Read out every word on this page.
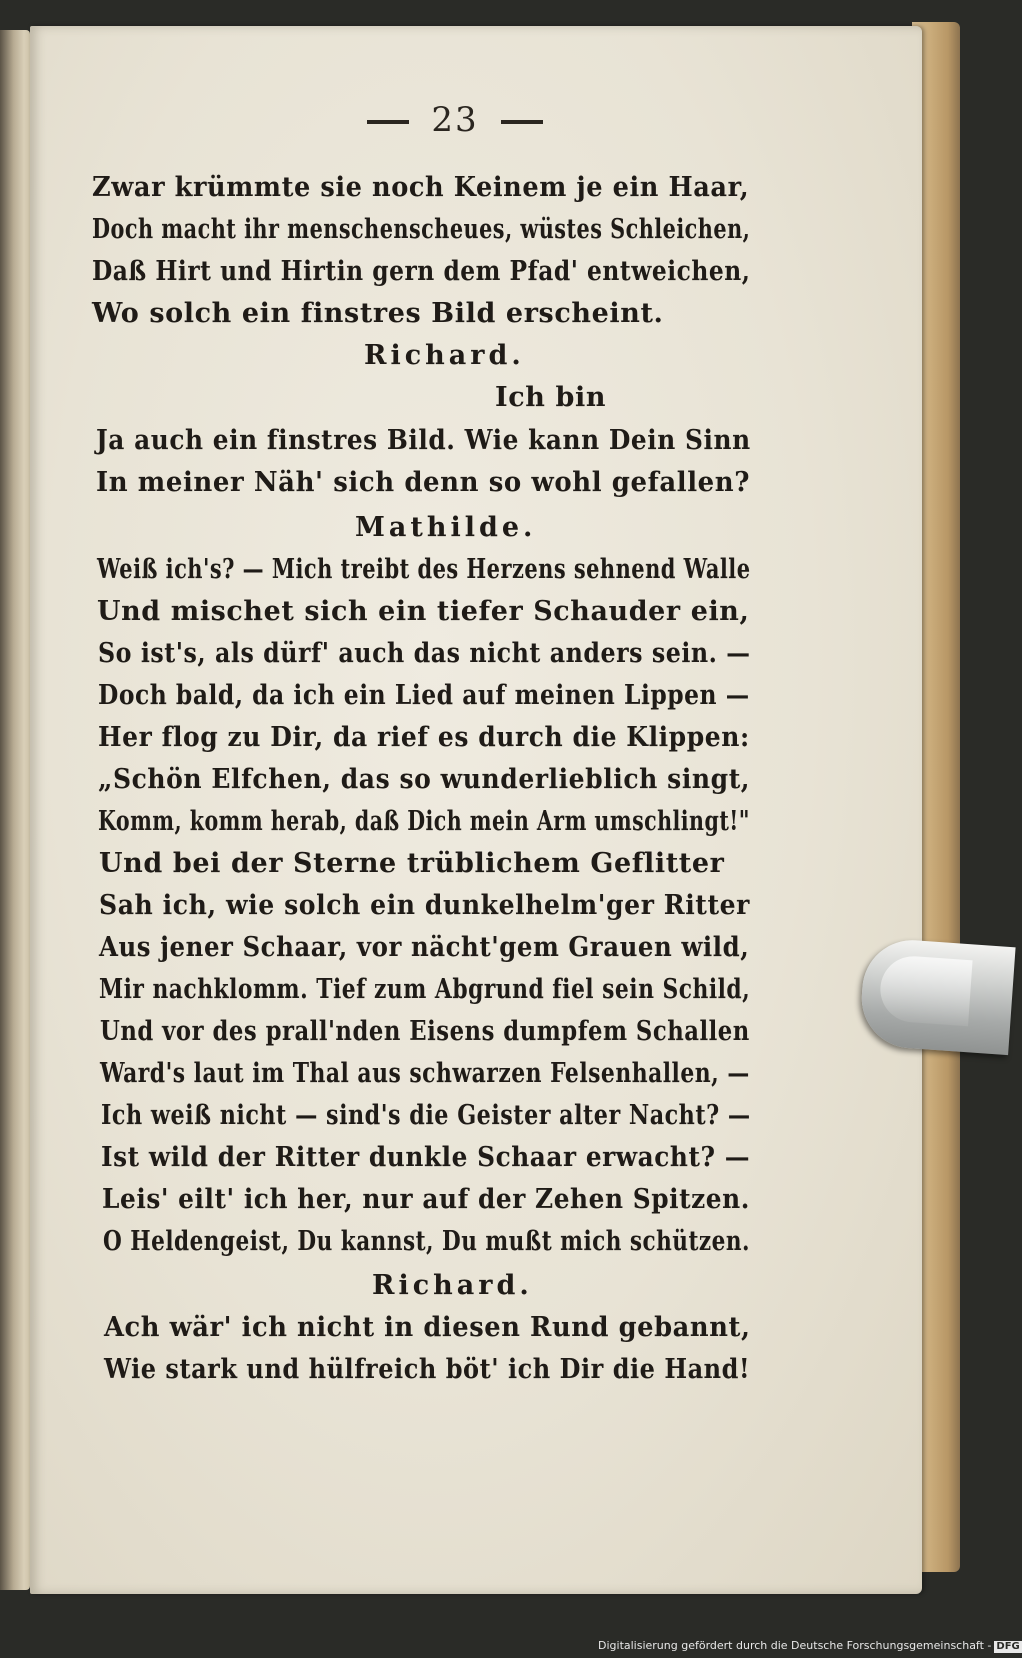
23
Zwar krümmte sie noch Keinem je ein Haar,
Doch macht ihr menschenscheues, wüstes Schleichen,
Daß Hirt und Hirtin gern dem Pfad' entweichen,
Wo solch ein finstres Bild erscheint.
Richard.
Ich bin
Ja auch ein finstres Bild. Wie kann Dein Sinn
In meiner Näh' sich denn so wohl gefallen?
Mathilde.
Weiß ich's? — Mich treibt des Herzens sehnend Walle
Und mischet sich ein tiefer Schauder ein,
So ist's, als dürf' auch das nicht anders sein. —
Doch bald, da ich ein Lied auf meinen Lippen —
Her flog zu Dir, da rief es durch die Klippen:
„Schön Elfchen, das so wunderlieblich singt,
Komm, komm herab, daß Dich mein Arm umschlingt!"
Und bei der Sterne trüblichem Geflitter
Sah ich, wie solch ein dunkelhelm'ger Ritter
Aus jener Schaar, vor nächt'gem Grauen wild,
Mir nachklomm. Tief zum Abgrund fiel sein Schild,
Und vor des prall'nden Eisens dumpfem Schallen
Ward's laut im Thal aus schwarzen Felsenhallen, —
Ich weiß nicht — sind's die Geister alter Nacht? —
Ist wild der Ritter dunkle Schaar erwacht? —
Leis' eilt' ich her, nur auf der Zehen Spitzen.
O Heldengeist, Du kannst, Du mußt mich schützen.
Richard.
Ach wär' ich nicht in diesen Rund gebannt,
Wie stark und hülfreich böt' ich Dir die Hand!
Digitalisierung gefördert durch die Deutsche Forschungsgemeinschaft - DFG
